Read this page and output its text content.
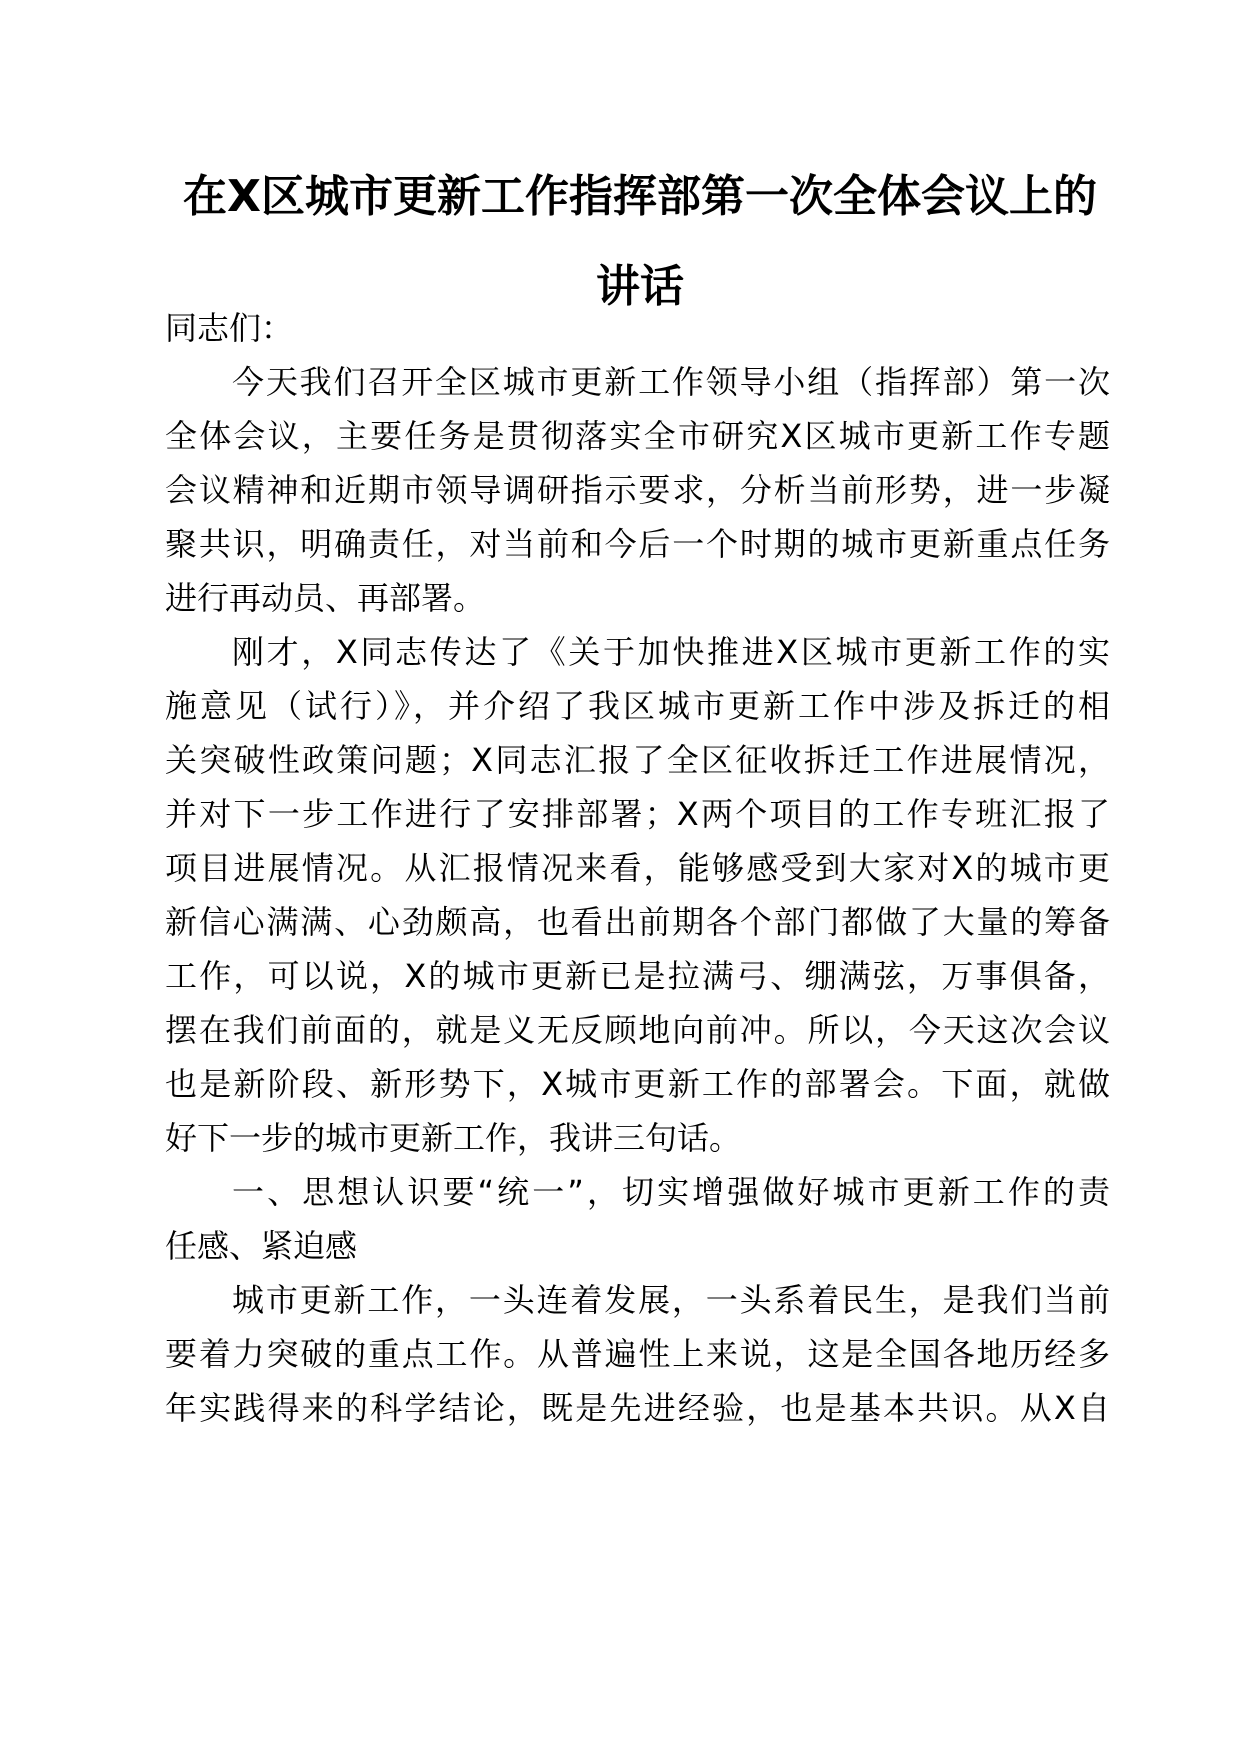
在X区城市更新工作指挥部第一次全体会议上的
讲话
同志们：
今天我们召开全区城市更新工作领导小组（指挥部）第一次
全体会议，主要任务是贯彻落实全市研究X区城市更新工作专题
会议精神和近期市领导调研指示要求，分析当前形势，进一步凝
聚共识，明确责任，对当前和今后一个时期的城市更新重点任务
进行再动员、再部署。
刚才，X同志传达了《关于加快推进X区城市更新工作的实
施意见（试行）》，并介绍了我区城市更新工作中涉及拆迁的相
关突破性政策问题；X同志汇报了全区征收拆迁工作进展情况，
并对下一步工作进行了安排部署；X两个项目的工作专班汇报了
项目进展情况。从汇报情况来看，能够感受到大家对X的城市更
新信心满满、心劲颇高，也看出前期各个部门都做了大量的筹备
工作，可以说，X的城市更新已是拉满弓、绷满弦，万事俱备，
摆在我们前面的，就是义无反顾地向前冲。所以，今天这次会议
也是新阶段、新形势下，X城市更新工作的部署会。下面，就做
好下一步的城市更新工作，我讲三句话。
一、思想认识要“统一”，切实增强做好城市更新工作的责
任感、紧迫感
城市更新工作，一头连着发展，一头系着民生，是我们当前
要着力突破的重点工作。从普遍性上来说，这是全国各地历经多
年实践得来的科学结论，既是先进经验，也是基本共识。从X自
